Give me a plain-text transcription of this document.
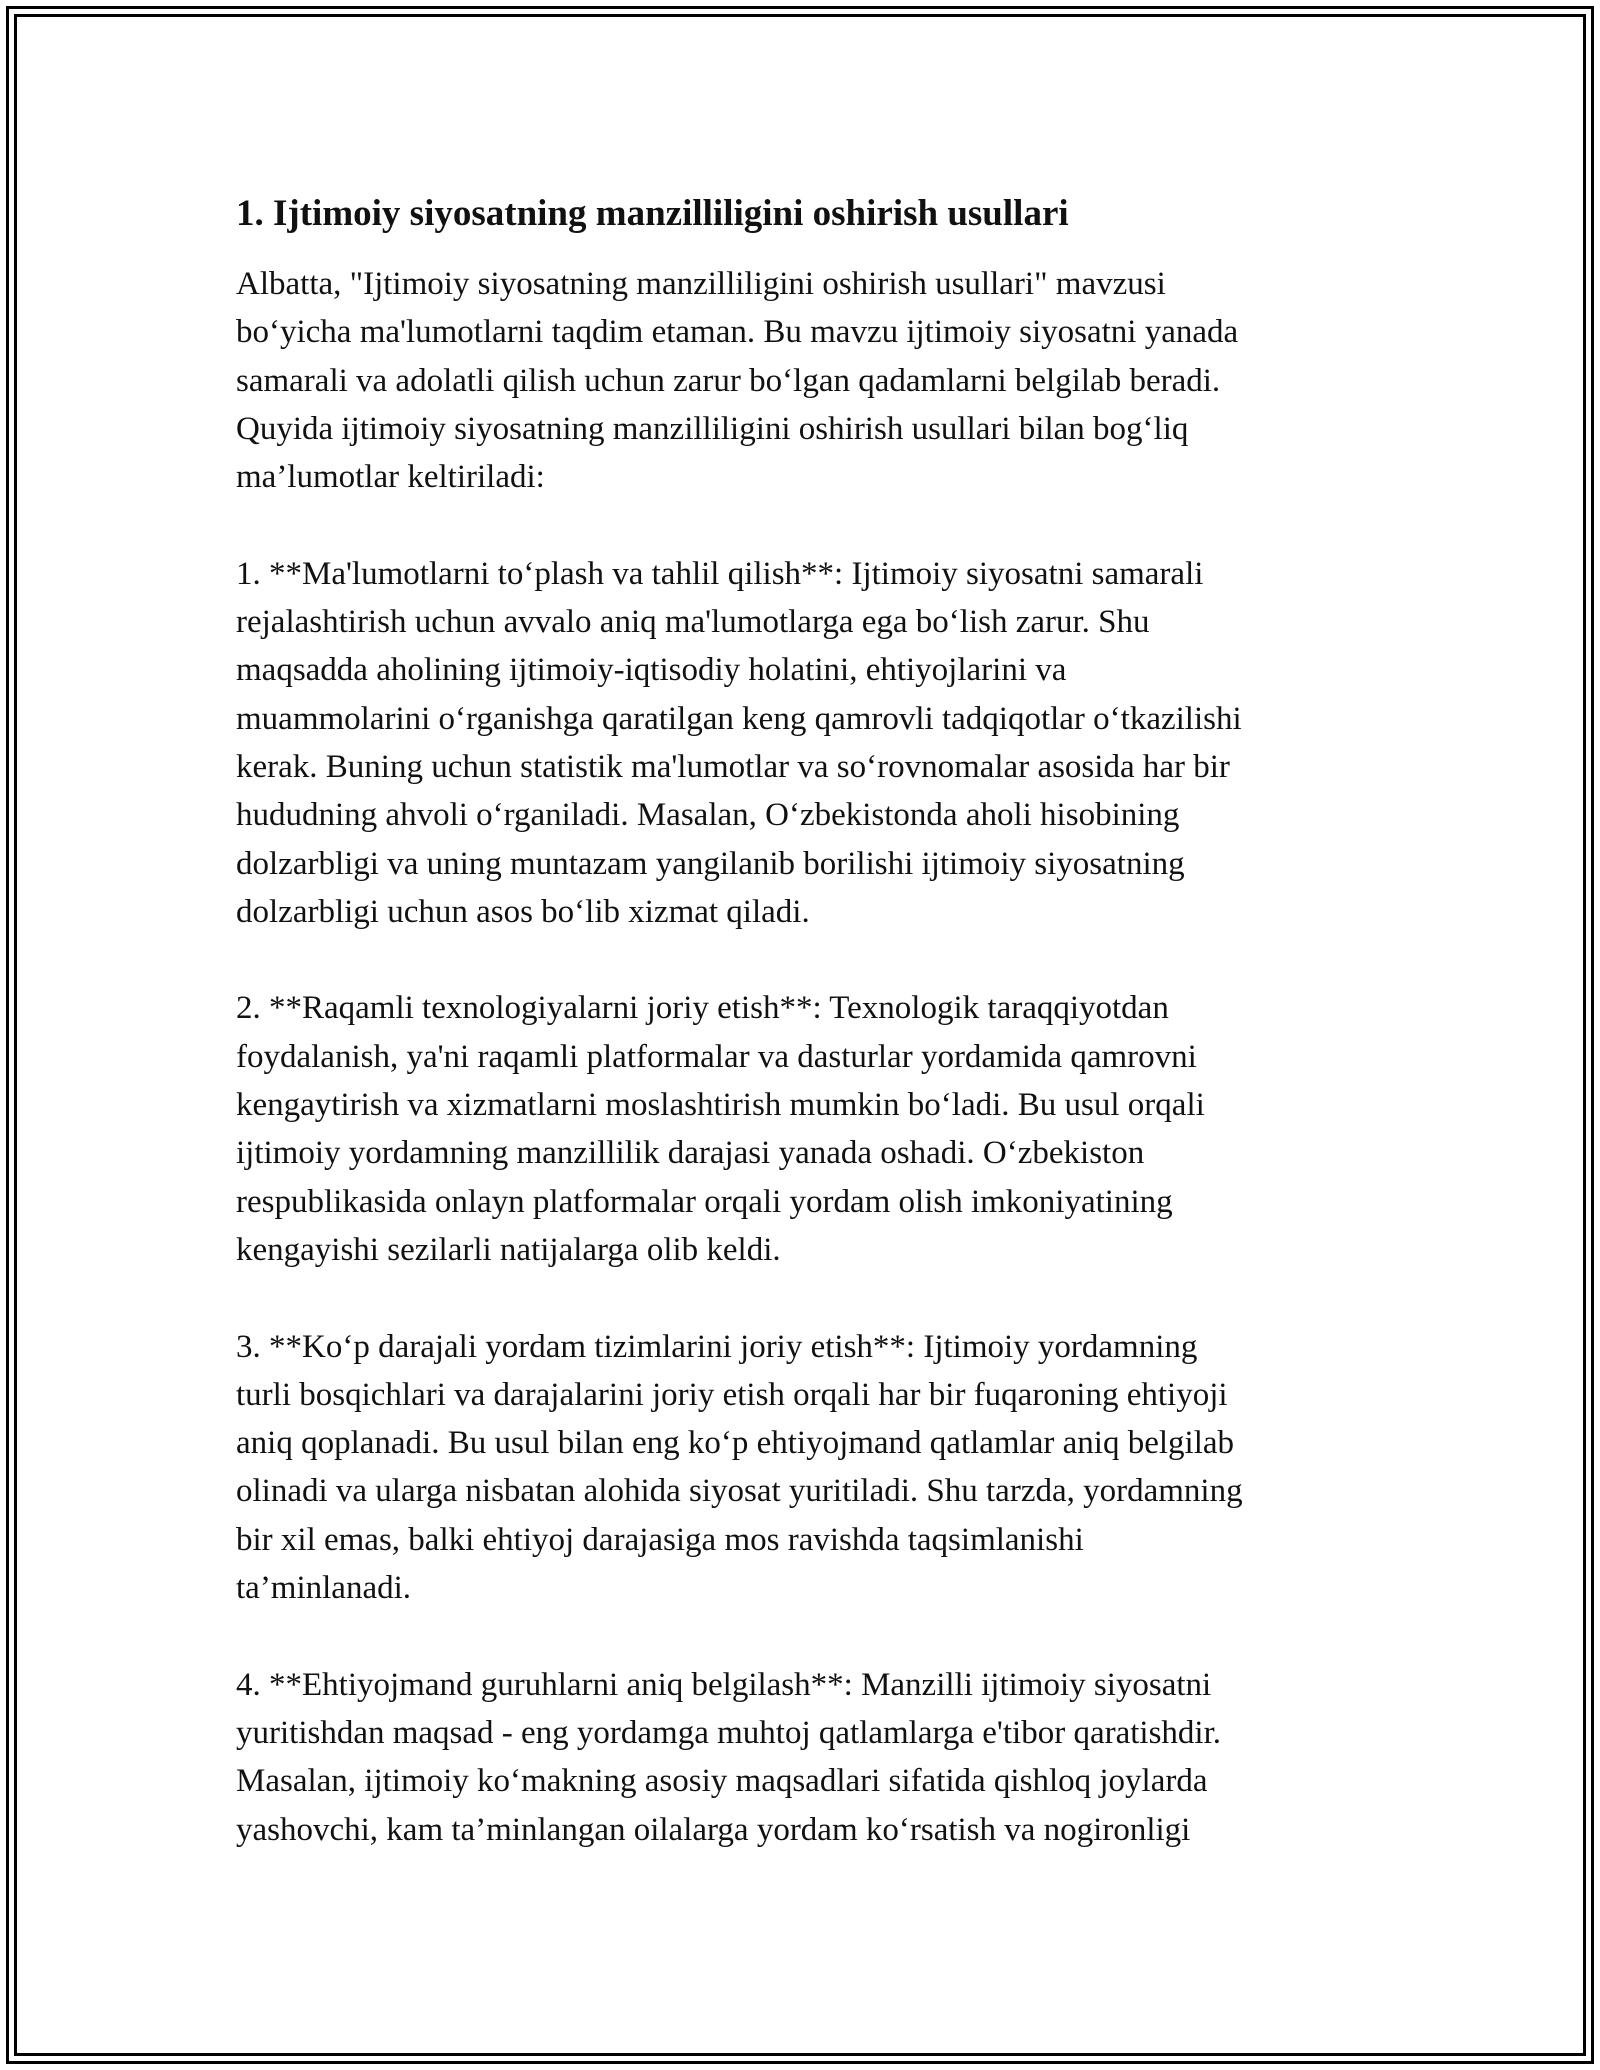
1. Ijtimoiy siyosatning manzilliligini oshirish usullari

Albatta, "Ijtimoiy siyosatning manzilliligini oshirish usullari" mavzusi
bo‘yicha ma'lumotlarni taqdim etaman. Bu mavzu ijtimoiy siyosatni yanada
samarali va adolatli qilish uchun zarur bo‘lgan qadamlarni belgilab beradi.
Quyida ijtimoiy siyosatning manzilliligini oshirish usullari bilan bog‘liq
ma’lumotlar keltiriladi:

1. **Ma'lumotlarni to‘plash va tahlil qilish**: Ijtimoiy siyosatni samarali
rejalashtirish uchun avvalo aniq ma'lumotlarga ega bo‘lish zarur. Shu
maqsadda aholining ijtimoiy-iqtisodiy holatini, ehtiyojlarini va
muammolarini o‘rganishga qaratilgan keng qamrovli tadqiqotlar o‘tkazilishi
kerak. Buning uchun statistik ma'lumotlar va so‘rovnomalar asosida har bir
hududning ahvoli o‘rganiladi. Masalan, O‘zbekistonda aholi hisobining
dolzarbligi va uning muntazam yangilanib borilishi ijtimoiy siyosatning
dolzarbligi uchun asos bo‘lib xizmat qiladi.

2. **Raqamli texnologiyalarni joriy etish**: Texnologik taraqqiyotdan
foydalanish, ya'ni raqamli platformalar va dasturlar yordamida qamrovni
kengaytirish va xizmatlarni moslashtirish mumkin bo‘ladi. Bu usul orqali
ijtimoiy yordamning manzillilik darajasi yanada oshadi. O‘zbekiston
respublikasida onlayn platformalar orqali yordam olish imkoniyatining
kengayishi sezilarli natijalarga olib keldi.

3. **Ko‘p darajali yordam tizimlarini joriy etish**: Ijtimoiy yordamning
turli bosqichlari va darajalarini joriy etish orqali har bir fuqaroning ehtiyoji
aniq qoplanadi. Bu usul bilan eng ko‘p ehtiyojmand qatlamlar aniq belgilab
olinadi va ularga nisbatan alohida siyosat yuritiladi. Shu tarzda, yordamning
bir xil emas, balki ehtiyoj darajasiga mos ravishda taqsimlanishi
ta’minlanadi.

4. **Ehtiyojmand guruhlarni aniq belgilash**: Manzilli ijtimoiy siyosatni
yuritishdan maqsad - eng yordamga muhtoj qatlamlarga e'tibor qaratishdir.
Masalan, ijtimoiy ko‘makning asosiy maqsadlari sifatida qishloq joylarda
yashovchi, kam ta’minlangan oilalarga yordam ko‘rsatish va nogironligi
